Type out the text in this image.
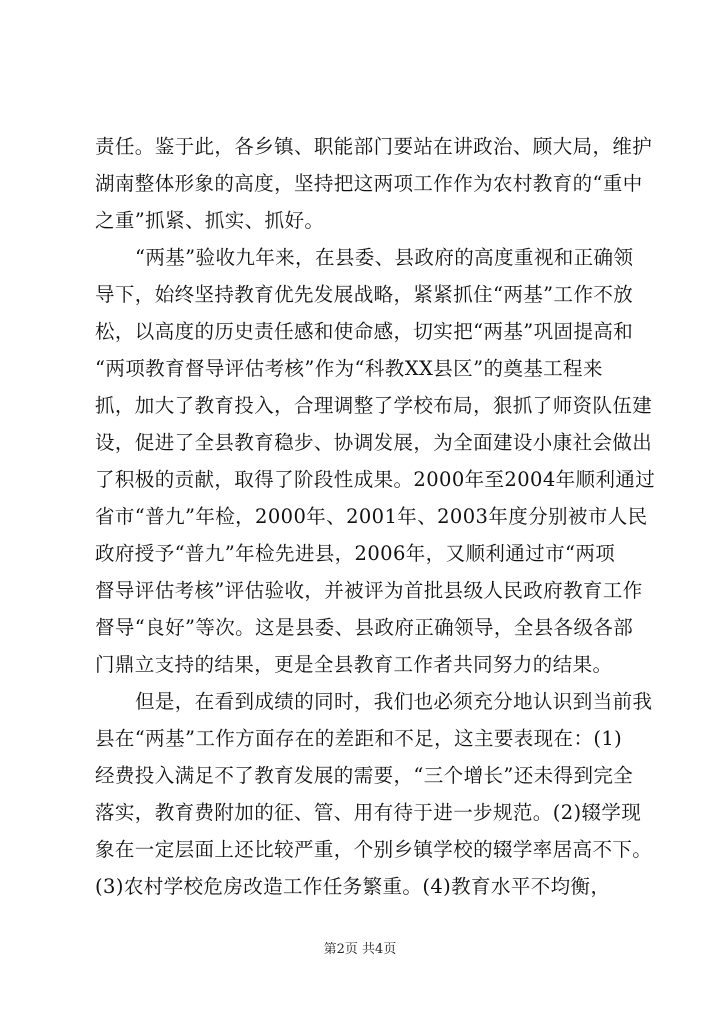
责任。鉴于此，各乡镇、职能部门要站在讲政治、顾大局，维护
湖南整体形象的高度，坚持把这两项工作作为农村教育的“重中
之重”抓紧、抓实、抓好。
“两基”验收九年来，在县委、县政府的高度重视和正确领
导下，始终坚持教育优先发展战略，紧紧抓住“两基”工作不放
松，以高度的历史责任感和使命感，切实把“两基”巩固提高和
“两项教育督导评估考核”作为“科教XX县区”的奠基工程来
抓，加大了教育投入，合理调整了学校布局，狠抓了师资队伍建
设，促进了全县教育稳步、协调发展，为全面建设小康社会做出
了积极的贡献，取得了阶段性成果。2000年至2004年顺利通过
省市“普九”年检，2000年、2001年、2003年度分别被市人民
政府授予“普九”年检先进县，2006年，又顺利通过市“两项
督导评估考核”评估验收，并被评为首批县级人民政府教育工作
督导“良好”等次。这是县委、县政府正确领导，全县各级各部
门鼎立支持的结果，更是全县教育工作者共同努力的结果。
但是，在看到成绩的同时，我们也必须充分地认识到当前我
县在“两基”工作方面存在的差距和不足，这主要表现在：(1)
经费投入满足不了教育发展的需要，“三个增长”还未得到完全
落实，教育费附加的征、管、用有待于进一步规范。(2)辍学现
象在一定层面上还比较严重，个别乡镇学校的辍学率居高不下。
(3)农村学校危房改造工作任务繁重。(4)教育水平不均衡，
第2页 共4页
